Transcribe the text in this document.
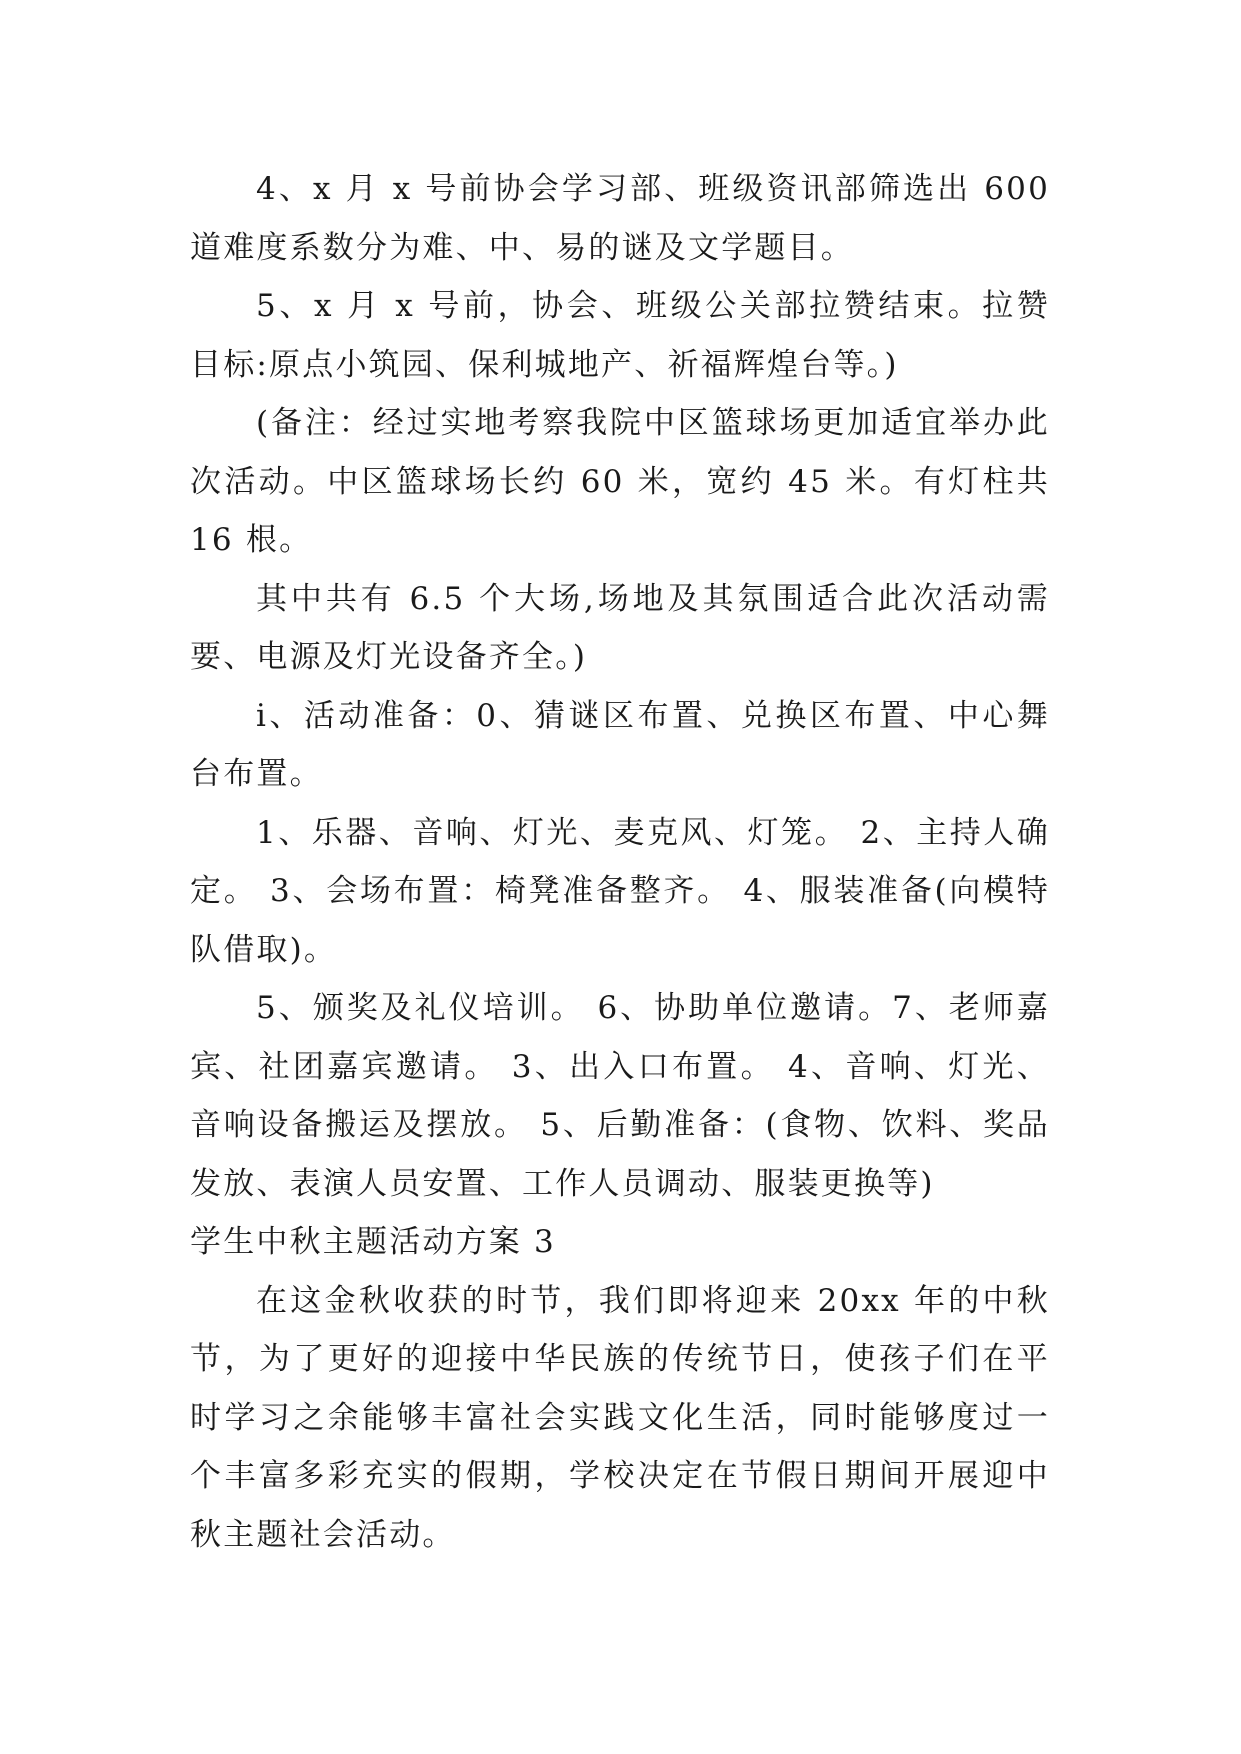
4、x 月 x 号前协会学习部、班级资讯部筛选出 600 道难度系数分为难、中、易的谜及文学题目。

5、x 月 x 号前，协会、班级公关部拉赞结束。拉赞目标:原点小筑园、保利城地产、祈福辉煌台等。)

(备注：经过实地考察我院中区篮球场更加适宜举办此次活动。中区篮球场长约 60 米，宽约 45 米。有灯柱共 16 根。

其中共有 6.5 个大场,场地及其氛围适合此次活动需要、电源及灯光设备齐全。)

i、活动准备：0、猜谜区布置、兑换区布置、中心舞台布置。

1、乐器、音响、灯光、麦克风、灯笼。 2、主持人确定。 3、会场布置：椅凳准备整齐。 4、服装准备(向模特队借取)。

5、颁奖及礼仪培训。 6、协助单位邀请。7、老师嘉宾、社团嘉宾邀请。 3、出入口布置。 4、音响、灯光、音响设备搬运及摆放。 5、后勤准备：(食物、饮料、奖品发放、表演人员安置、工作人员调动、服装更换等)

学生中秋主题活动方案 3

在这金秋收获的时节，我们即将迎来 20xx 年的中秋节，为了更好的迎接中华民族的传统节日，使孩子们在平时学习之余能够丰富社会实践文化生活，同时能够度过一个丰富多彩充实的假期，学校决定在节假日期间开展迎中秋主题社会活动。
